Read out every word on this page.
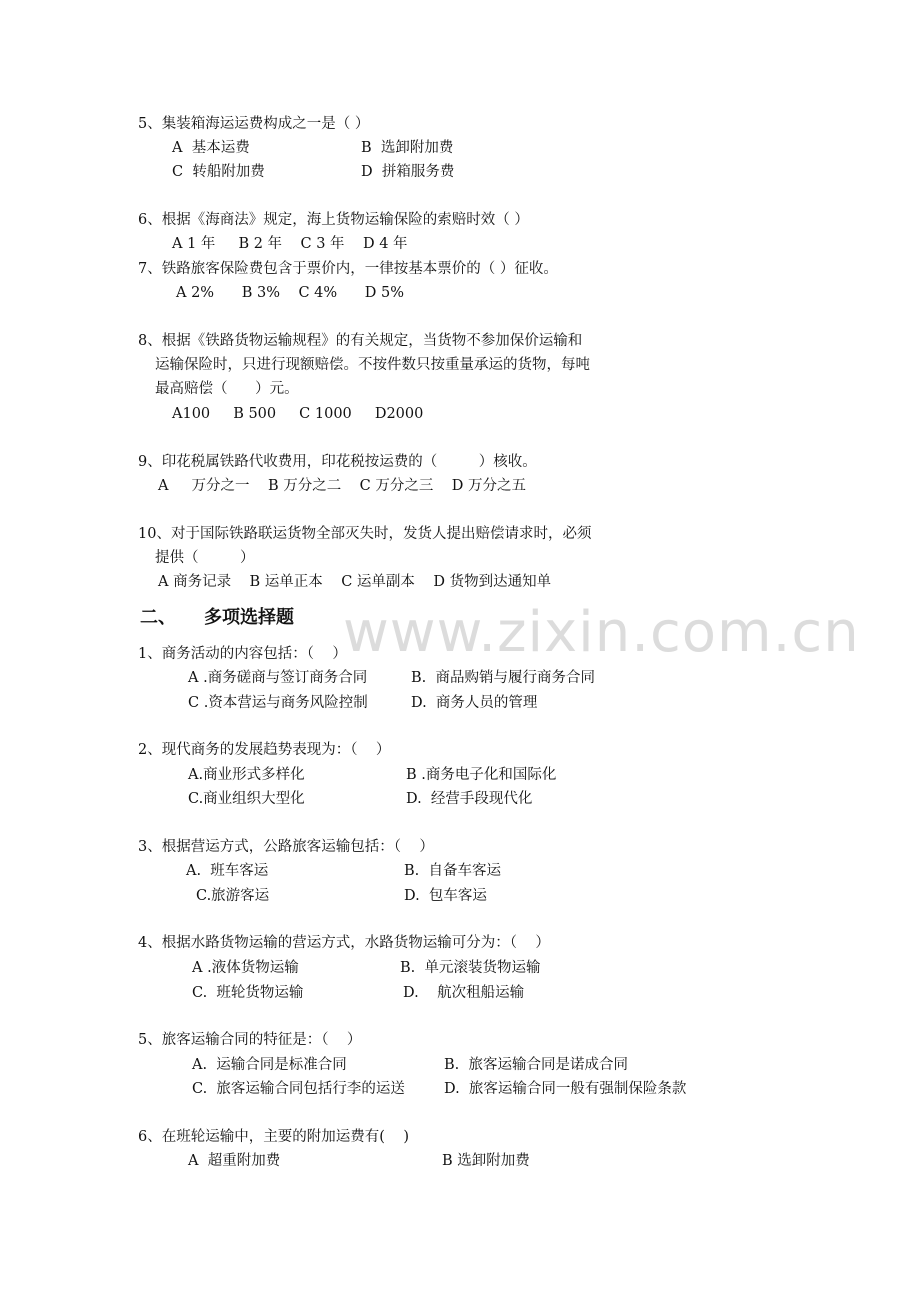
www.zixin.com.cn
5、集装箱海运运费构成之一是（ ）
A  基本运费	B  选卸附加费
C  转船附加费	D  拼箱服务费
6、根据《海商法》规定，海上货物运输保险的索赔时效（ ）
A 1 年     B 2 年    C 3 年    D 4 年
7、铁路旅客保险费包含于票价内，一律按基本票价的（ ）征收。
A 2%      B 3%    C 4%      D 5%
8、根据《铁路货物运输规程》的有关规定，当货物不参加保价运输和
运输保险时，只进行现额赔偿。不按件数只按重量承运的货物，每吨
最高赔偿（      ）元。
A100     B 500     C 1000     D2000
9、印花税属铁路代收费用，印花税按运费的（         ）核收。
A     万分之一    B 万分之二    C 万分之三    D 万分之五
10、对于国际铁路联运货物全部灭失时，发货人提出赔偿请求时，必须
提供（         ）
A 商务记录    B 运单正本    C 运单副本    D 货物到达通知单
二、 多项选择题
1、商务活动的内容包括：（    ）
A .商务磋商与签订商务合同	B.  商品购销与履行商务合同
C .资本营运与商务风险控制	D.  商务人员的管理
2、现代商务的发展趋势表现为：（    ）
A.商业形式多样化	B .商务电子化和国际化
C.商业组织大型化	D.  经营手段现代化
3、根据营运方式，公路旅客运输包括：（    ）
A.  班车客运	B.  自备车客运
C.旅游客运	D.  包车客运
4、根据水路货物运输的营运方式，水路货物运输可分为：（    ）
A .液体货物运输	B.  单元滚装货物运输
C.  班轮货物运输	D.    航次租船运输
5、旅客运输合同的特征是：（    ）
A.  运输合同是标准合同	B.  旅客运输合同是诺成合同
C.  旅客运输合同包括行李的运送	D.  旅客运输合同一般有强制保险条款
6、在班轮运输中，主要的附加运费有(    )
A  超重附加费	B 选卸附加费
